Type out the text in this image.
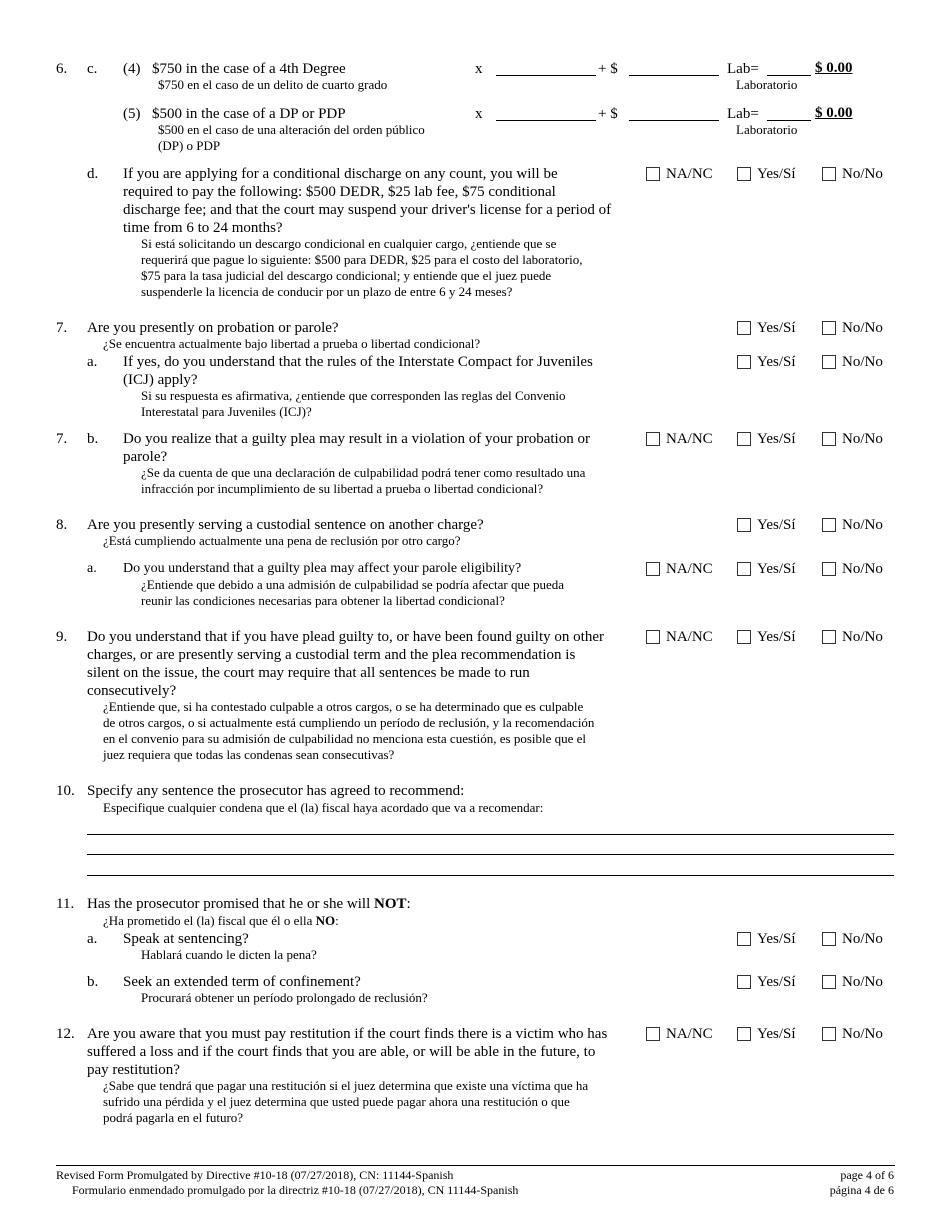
6. c. (4) $750 in the case of a 4th Degree
$750 en el caso de un delito de cuarto grado
x	+ $	Lab=
Laboratorio
$ 0.00
(5) $500 in the case of a DP or PDP
$500 en el caso de una alteración del orden público
(DP) o PDP
x	+ $	Lab=
Laboratorio
$ 0.00
d. If you are applying for a conditional discharge on any count, you will be
required to pay the following: $500 DEDR, $25 lab fee, $75 conditional
discharge fee; and that the court may suspend your driver's license for a period of
time from 6 to 24 months?
Si está solicitando un descargo condicional en cualquier cargo, ¿entiende que se
requerirá que pague lo siguiente: $500 para DEDR, $25 para el costo del laboratorio,
$75 para la tasa judicial del descargo condicional; y entiende que el juez puede
suspenderle la licencia de conducir por un plazo de entre 6 y 24 meses?
NA/NC	Yes/Sí	No/No
7. Are you presently on probation or parole?
¿Se encuentra actualmente bajo libertad a prueba o libertad condicional?
Yes/Sí	No/No
a. If yes, do you understand that the rules of the Interstate Compact for Juveniles
(ICJ) apply?
Si su respuesta es afirmativa, ¿entiende que corresponden las reglas del Convenio
Interestatal para Juveniles (ICJ)?
Yes/Sí	No/No
7. b. Do you realize that a guilty plea may result in a violation of your probation or
parole?
¿Se da cuenta de que una declaración de culpabilidad podrá tener como resultado una
infracción por incumplimiento de su libertad a prueba o libertad condicional?
NA/NC	Yes/Sí	No/No
8. Are you presently serving a custodial sentence on another charge?
¿Está cumpliendo actualmente una pena de reclusión por otro cargo?
Yes/Sí	No/No
a. Do you understand that a guilty plea may affect your parole eligibility?
¿Entiende que debido a una admisión de culpabilidad se podría afectar que pueda
reunir las condiciones necesarias para obtener la libertad condicional?
NA/NC	Yes/Sí	No/No
9. Do you understand that if you have plead guilty to, or have been found guilty on other
charges, or are presently serving a custodial term and the plea recommendation is
silent on the issue, the court may require that all sentences be made to run
consecutively?
¿Entiende que, si ha contestado culpable a otros cargos, o se ha determinado que es culpable
de otros cargos, o si actualmente está cumpliendo un período de reclusión, y la recomendación
en el convenio para su admisión de culpabilidad no menciona esta cuestión, es posible que el
juez requiera que todas las condenas sean consecutivas?
NA/NC	Yes/Sí	No/No
10. Specify any sentence the prosecutor has agreed to recommend:
Especifique cualquier condena que el (la) fiscal haya acordado que va a recomendar:
11. Has the prosecutor promised that he or she will NOT:
¿Ha prometido el (la) fiscal que él o ella NO:
a. Speak at sentencing?
Hablará cuando le dicten la pena?
Yes/Sí	No/No
b. Seek an extended term of confinement?
Procurará obtener un período prolongado de reclusión?
Yes/Sí	No/No
12. Are you aware that you must pay restitution if the court finds there is a victim who has
suffered a loss and if the court finds that you are able, or will be able in the future, to
pay restitution?
¿Sabe que tendrá que pagar una restitución si el juez determina que existe una víctima que ha
sufrido una pérdida y el juez determina que usted puede pagar ahora una restitución o que
podrá pagarla en el futuro?
NA/NC	Yes/Sí	No/No
Revised Form Promulgated by Directive #10-18 (07/27/2018), CN: 11144-Spanish
Formulario enmendado promulgado por la directriz #10-18 (07/27/2018), CN 11144-Spanish
page 4 of 6
página 4 de 6
